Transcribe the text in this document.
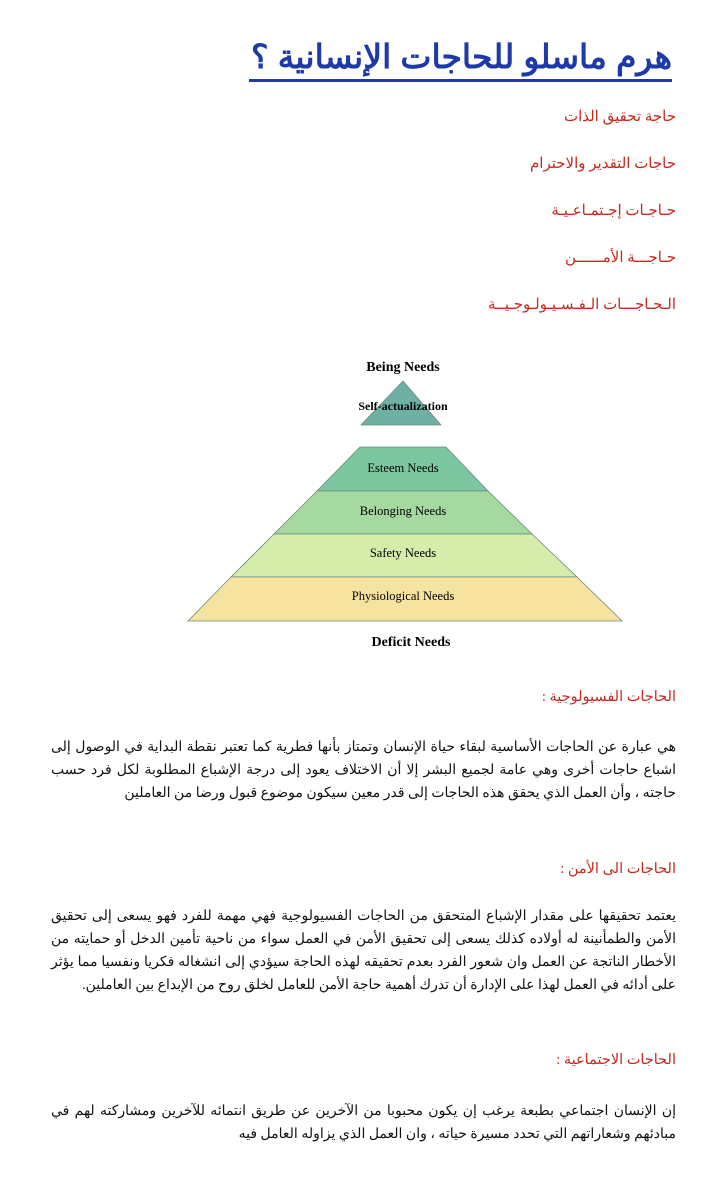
هرم ماسلو للحاجات الإنسانية ؟
حاجة تحقيق الذات
حاجات التقدير والاحترام
حـاجـات إجـتمـاعـيـة
حـاجـــة الأمــــــن
الـحـاجـــات الـفـسـيـولـوجـيــة
Being Needs
Self-actualization
Esteem Needs
Belonging Needs
Safety Needs
Physiological Needs
Deficit Needs
الحاجات الفسيولوجية :
هي عبارة عن الحاجات الأساسية لبقاء حياة الإنسان وتمتاز بأنها فطرية كما تعتبر نقطة البداية في الوصول إلى اشباع حاجات أخرى وهي عامة لجميع البشر إلا أن الاختلاف يعود إلى درجة الإشباع المطلوبة لكل فرد حسب حاجته ، وأن العمل الذي يحقق هذه الحاجات إلى قدر معين سيكون موضوع قبول ورضا من العاملين
الحاجات الى الأمن :
يعتمد تحقيقها على مقدار الإشباع المتحقق من الحاجات الفسيولوجية فهي مهمة للفرد فهو يسعى إلى تحقيق الأمن والطمأنينة له أولاده كذلك يسعى إلى تحقيق الأمن في العمل سواء من ناحية تأمين الدخل أو حمايته من الأخطار الناتجة عن العمل وان شعور الفرد بعدم تحقيقه لهذه الحاجة سيؤدي إلى انشغاله فكريا ونفسيا مما يؤثر على أدائه في العمل لهذا على الإدارة أن تدرك أهمية حاجة الأمن للعامل لخلق روح من الإبداع بين العاملين.
الحاجات الاجتماعية :
إن الإنسان اجتماعي بطبعة يرغب إن يكون محبوبا من الآخرين عن طريق انتمائه للآخرين ومشاركته لهم في مبادئهم وشعاراتهم التي تحدد مسيرة حياته ، وان العمل الذي يزاوله العامل فيه
